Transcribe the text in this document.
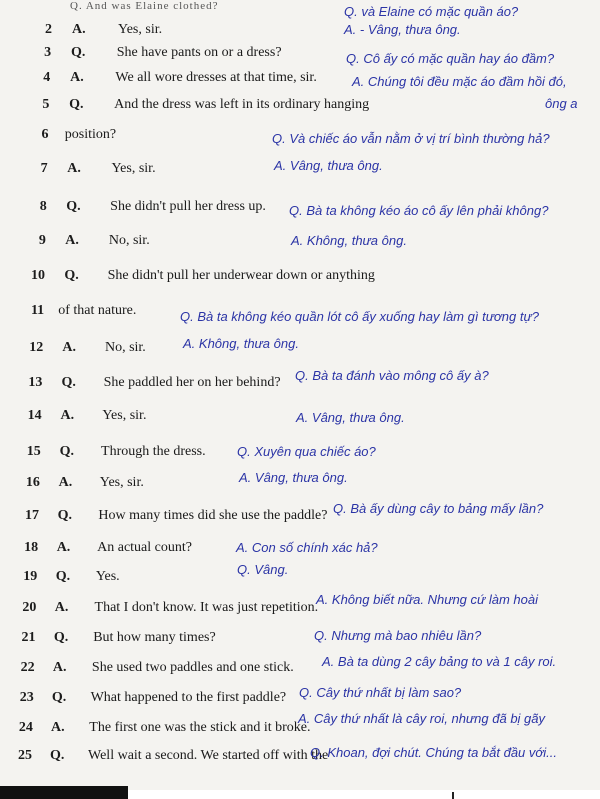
Q. And was Elaine clothed?
2 A. Yes, sir.
3 Q. She have pants on or a dress?
4 A. We all wore dresses at that time, sir.
5 Q. And the dress was left in its ordinary hanging
6 position?
7 A. Yes, sir.
8 Q. She didn't pull her dress up.
9 A. No, sir.
10 Q. She didn't pull her underwear down or anything
11 of that nature.
12 A. No, sir.
13 Q. She paddled her on her behind?
14 A. Yes, sir.
15 Q. Through the dress.
16 A. Yes, sir.
17 Q. How many times did she use the paddle?
18 A. An actual count?
19 Q. Yes.
20 A. That I don't know. It was just repetition.
21 Q. But how many times?
22 A. She used two paddles and one stick.
23 Q. What happened to the first paddle?
24 A. The first one was the stick and it broke.
25 Q. Well wait a second. We started off with the
Q. và Elaine có mặc quần áo?
A. - Vâng, thưa ông.
Q. Cô ấy có mặc quần hay áo đầm?
A. Chúng tôi đều mặc áo đầm hồi đó,
ông a
Q. Và chiếc áo vẫn nằm ở vị trí bình thường hả?
A. Vâng, thưa ông.
Q. Bà ta không kéo áo cô ấy lên phải không?
A. Không, thưa ông.
Q. Bà ta không kéo quần lót cô ấy xuống hay làm gì tương tự?
A. Không, thưa ông.
Q. Bà ta đánh vào mông cô ấy à?
A. Vâng, thưa ông.
Q. Xuyên qua chiếc áo?
A. Vâng, thưa ông.
Q. Bà ấy dùng cây to bảng mấy lần?
A. Con số chính xác hả?
Q. Vâng.
A. Không biết nữa. Nhưng cứ làm hoài
Q. Nhưng mà bao nhiêu lần?
A. Bà ta dùng 2 cây bảng to và 1 cây roi.
Q. Cây thứ nhất bị làm sao?
A. Cây thứ nhất là cây roi, nhưng đã bị gãy
Q. Khoan, đợi chút. Chúng ta bắt đầu với...
